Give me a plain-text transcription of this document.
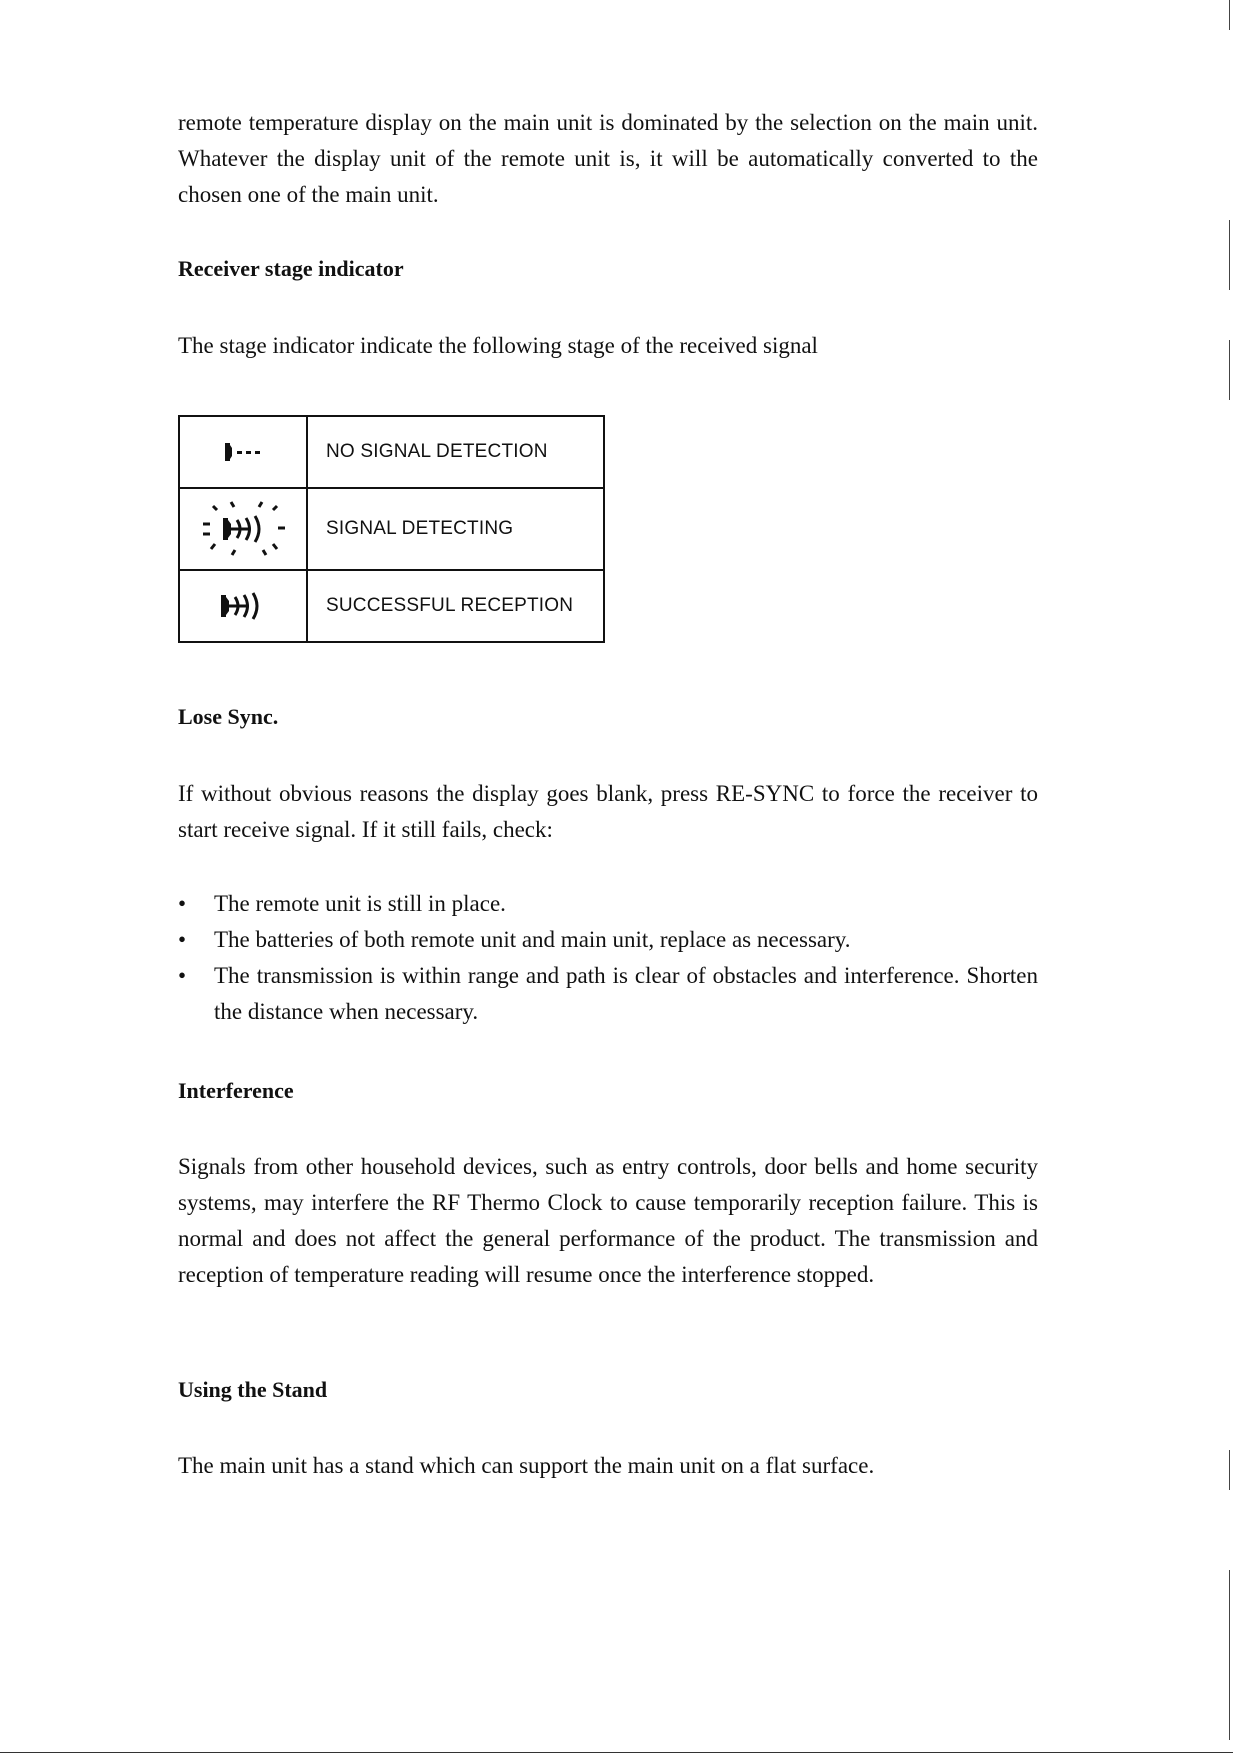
remote temperature display on the main unit is dominated by the selection on the main unit. Whatever the display unit of the remote unit is, it will be automatically converted to the chosen one of the main unit.

Receiver stage indicator

The stage indicator indicate the following stage of the received signal

	NO SIGNAL DETECTION

	SIGNAL DETECTING

	SUCCESSFUL RECEPTION
Lose Sync.

If without obvious reasons the display goes blank, press RE-SYNC to force the receiver to start receive signal. If it still fails, check:

• The remote unit is still in place.
• The batteries of both remote unit and main unit, replace as necessary.
• The transmission is within range and path is clear of obstacles and interference. Shorten the distance when necessary.
Interference

Signals from other household devices, such as entry controls, door bells and home security systems, may interfere the RF Thermo Clock to cause temporarily reception failure. This is normal and does not affect the general performance of the product. The transmission and reception of temperature reading will resume once the interference stopped.

Using the Stand

The main unit has a stand which can support the main unit on a flat surface.
